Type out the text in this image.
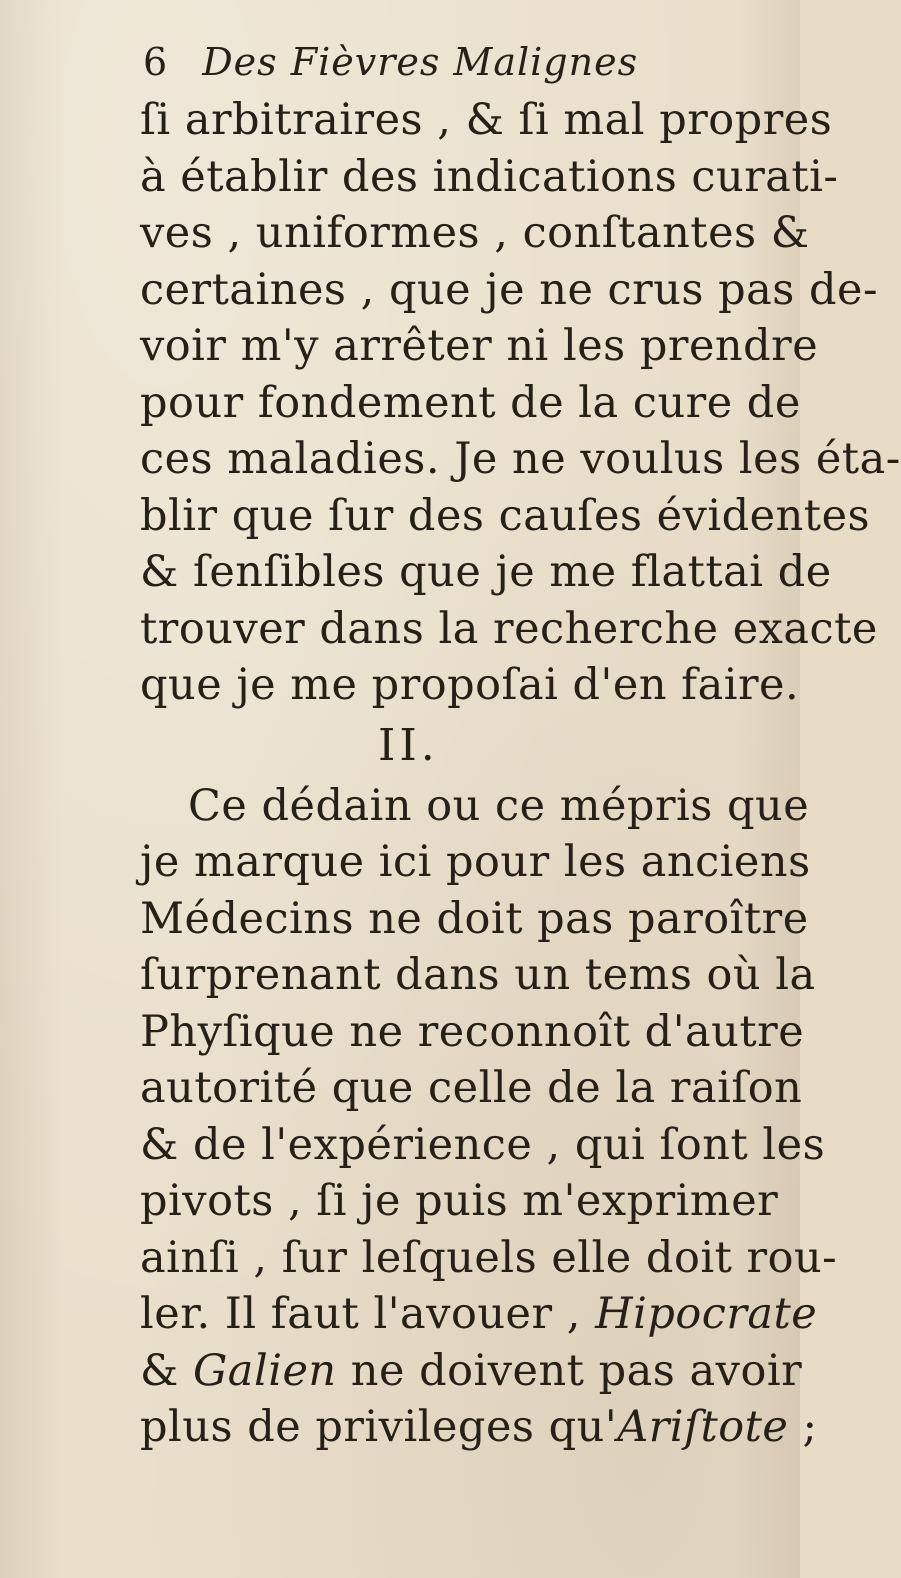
6 Des Fièvres Malignes
ſi arbitraires , & ſi mal propres
à établir des indications curati-
ves , uniformes , conſtantes &
certaines , que je ne crus pas de-
voir m'y arrêter ni les prendre
pour fondement de la cure de
ces maladies. Je ne voulus les éta-
blir que ſur des cauſes évidentes
& ſenſibles que je me flattai de
trouver dans la recherche exacte
que je me propoſai d'en faire.
II.
Ce dédain ou ce mépris que
je marque ici pour les anciens
Médecins ne doit pas paroître
ſurprenant dans un tems où la
Phyſique ne reconnoît d'autre
autorité que celle de la raiſon
& de l'expérience , qui ſont les
pivots , ſi je puis m'exprimer
ainſi , ſur leſquels elle doit rou-
ler. Il faut l'avouer , Hipocrate
& Galien ne doivent pas avoir
plus de privileges qu'Ariſtote ;
